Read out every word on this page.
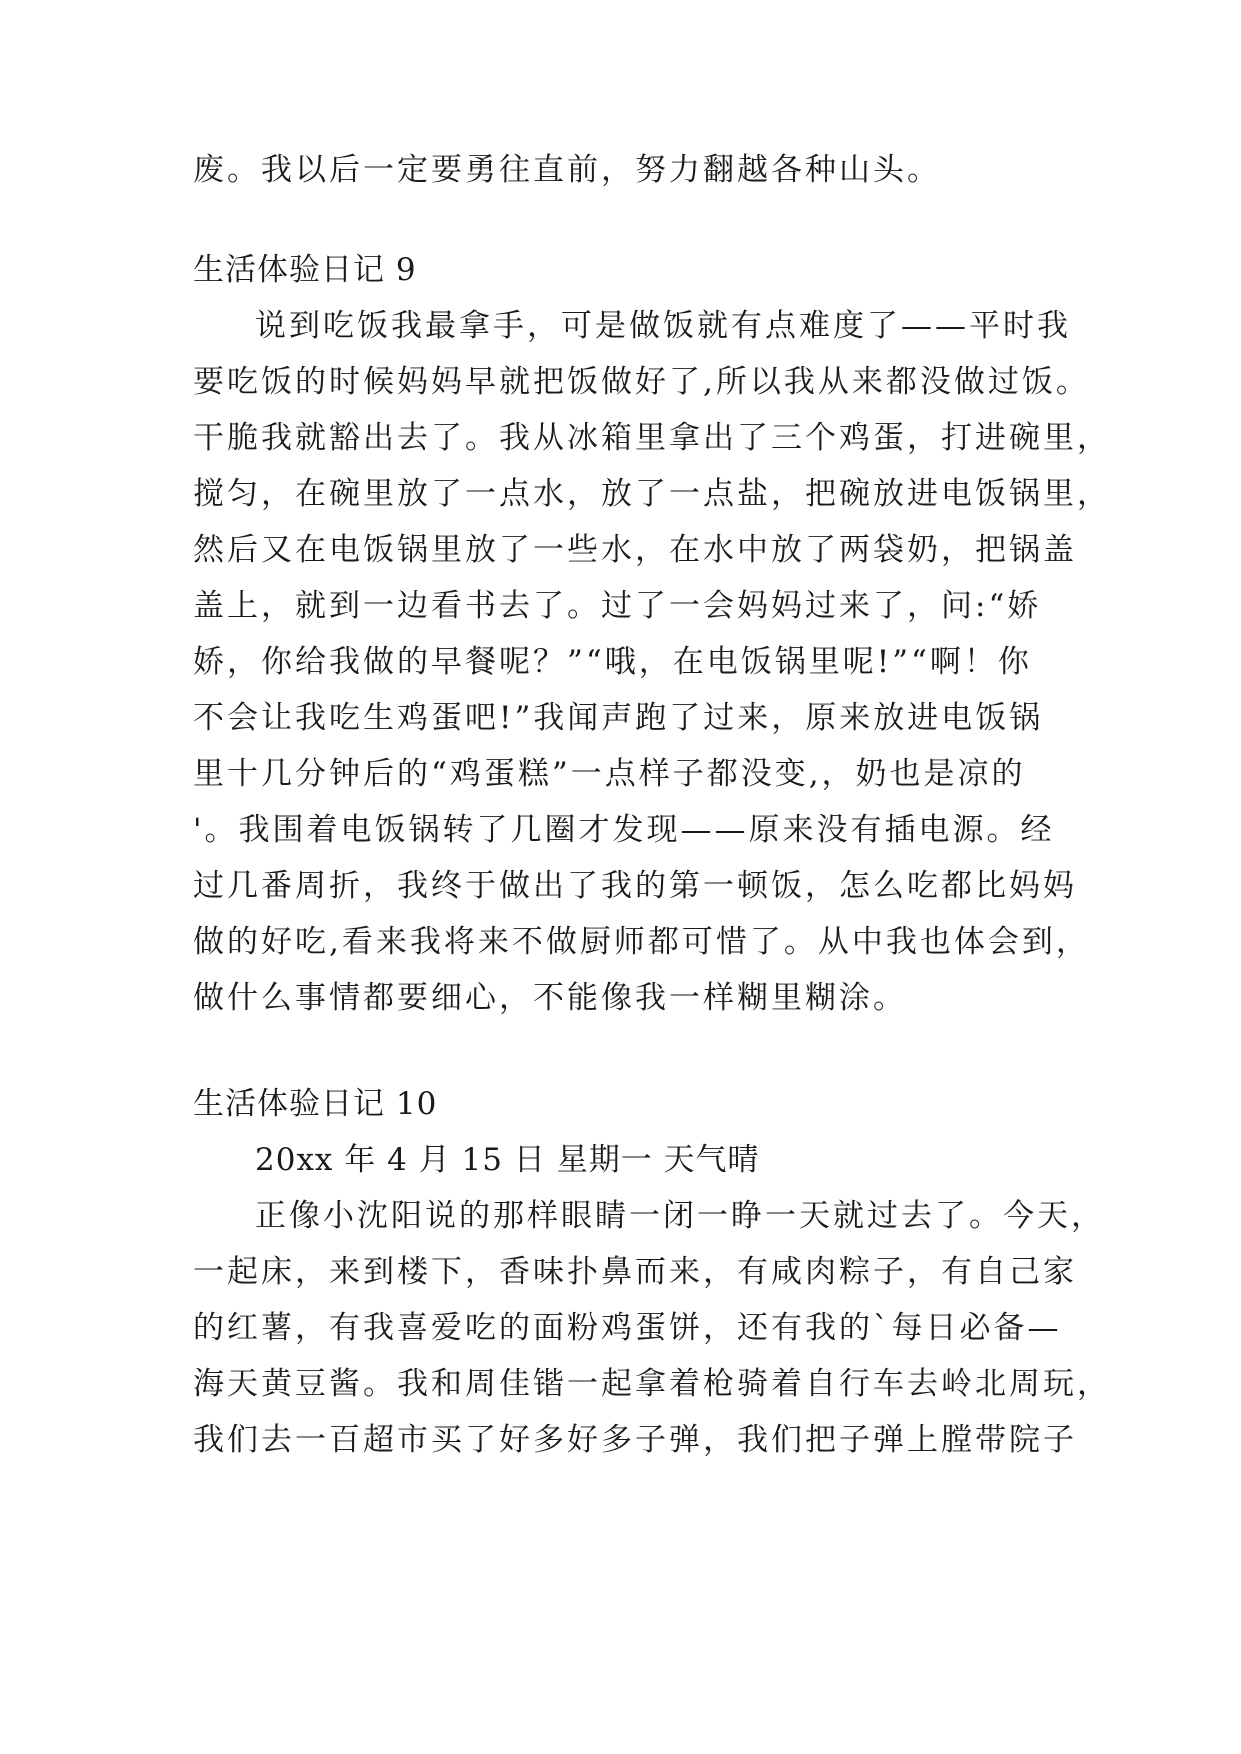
废。我以后一定要勇往直前，努力翻越各种山头。
生活体验日记 9
说到吃饭我最拿手，可是做饭就有点难度了——平时我
要吃饭的时候妈妈早就把饭做好了,所以我从来都没做过饭。
干脆我就豁出去了。我从冰箱里拿出了三个鸡蛋，打进碗里，
搅匀，在碗里放了一点水，放了一点盐，把碗放进电饭锅里，
然后又在电饭锅里放了一些水，在水中放了两袋奶，把锅盖
盖上，就到一边看书去了。过了一会妈妈过来了，问:“娇
娇，你给我做的早餐呢？”“哦，在电饭锅里呢!”“啊！你
不会让我吃生鸡蛋吧!”我闻声跑了过来，原来放进电饭锅
里十几分钟后的“鸡蛋糕”一点样子都没变,，奶也是凉的
'。我围着电饭锅转了几圈才发现——原来没有插电源。经
过几番周折，我终于做出了我的第一顿饭，怎么吃都比妈妈
做的好吃,看来我将来不做厨师都可惜了。从中我也体会到，
做什么事情都要细心，不能像我一样糊里糊涂。
生活体验日记 10
20xx 年 4 月 15 日 星期一 天气晴
正像小沈阳说的那样眼睛一闭一睁一天就过去了。今天，
一起床，来到楼下，香味扑鼻而来，有咸肉粽子，有自己家
的红薯，有我喜爱吃的面粉鸡蛋饼，还有我的`每日必备—
海天黄豆酱。我和周佳锴一起拿着枪骑着自行车去岭北周玩，
我们去一百超市买了好多好多子弹，我们把子弹上膛带院子
